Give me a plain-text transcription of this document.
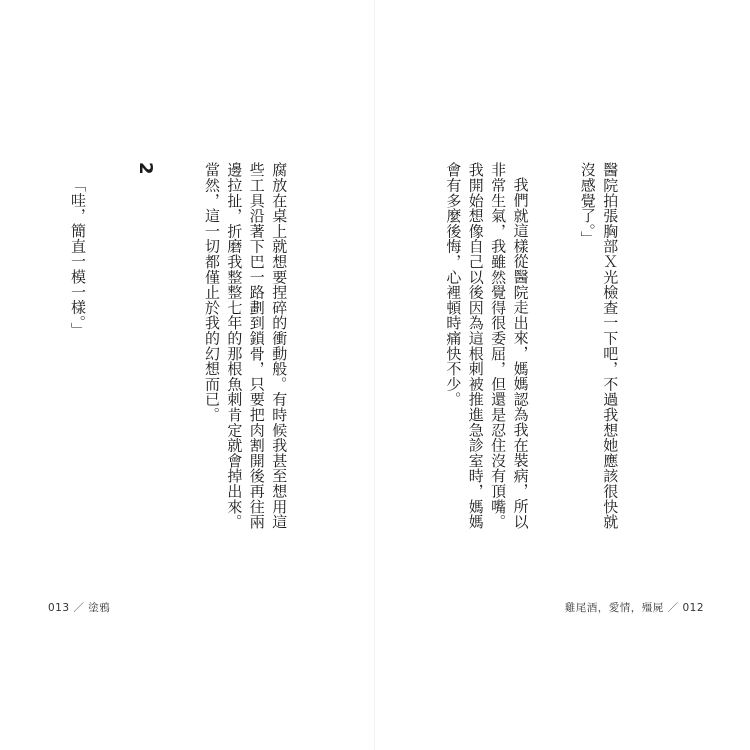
腐放在桌上就想要捏碎的衝動般。有時候我甚至想用這些工具沿著下巴一路劃到鎖骨，只要把肉割開後再往兩邊拉扯，折磨我整整七年的那根魚刺肯定就會掉出來。當然，這一切都僅止於我的幻想而已。

2

「哇，簡直一模一樣。」

013 ／ 塗鴉

醫院拍張胸部Ｘ光檢查一下吧，不過我想她應該很快就沒感覺了。」

我們就這樣從醫院走出來，媽媽認為我在裝病，所以非常生氣，我雖然覺得很委屈，但還是忍住沒有頂嘴。我開始想像自己以後因為這根刺被推進急診室時，媽媽會有多麼後悔，心裡頓時痛快不少。

雞尾酒，愛情，殭屍 ／ 012
